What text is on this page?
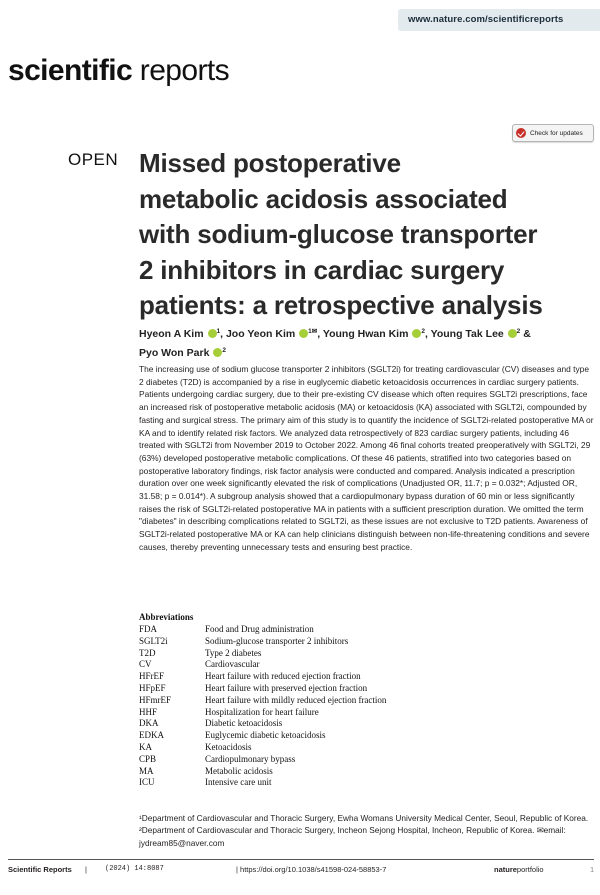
www.nature.com/scientificreports
scientific reports
Check for updates
OPEN Missed postoperative
metabolic acidosis associated
with sodium-glucose transporter
2 inhibitors in cardiac surgery
patients: a retrospective analysis
Hyeon A Kim $^1$, Joo Yeon Kim $^{1✉}$, Young Hwan Kim $^2$, Young Tak Lee $^2$ &
Pyo Won Park $^2$

The increasing use of sodium glucose transporter 2 inhibitors (SGLT2i) for treating cardiovascular (CV) diseases and type 2 diabetes (T2D) is accompanied by a rise in euglycemic diabetic ketoacidosis occurrences in cardiac surgery patients. Patients undergoing cardiac surgery, due to their pre-existing CV disease which often requires SGLT2i prescriptions, face an increased risk of postoperative metabolic acidosis (MA) or ketoacidosis (KA) associated with SGLT2i, compounded by fasting and surgical stress. The primary aim of this study is to quantify the incidence of SGLT2i-related postoperative MA or KA and to identify related risk factors. We analyzed data retrospectively of 823 cardiac surgery patients, including 46 treated with SGLT2i from November 2019 to October 2022. Among 46 final cohorts treated preoperatively with SGLT2i, 29 (63%) developed postoperative metabolic complications. Of these 46 patients, stratified into two categories based on postoperative laboratory findings, risk factor analysis were conducted and compared. Analysis indicated a prescription duration over one week significantly elevated the risk of complications (Unadjusted OR, 11.7; p = 0.032*; Adjusted OR, 31.58; p = 0.014*). A subgroup analysis showed that a cardiopulmonary bypass duration of 60 min or less significantly raises the risk of SGLT2i-related postoperative MA in patients with a sufficient prescription duration. We omitted the term "diabetes" in describing complications related to SGLT2i, as these issues are not exclusive to T2D patients. Awareness of SGLT2i-related postoperative MA or KA can help clinicians distinguish between non-life-threatening conditions and severe causes, thereby preventing unnecessary tests and ensuring best practice.

Abbreviations
FDA	Food and Drug administration
SGLT2i	Sodium-glucose transporter 2 inhibitors
T2D	Type 2 diabetes
CV	Cardiovascular
HFrEF	Heart failure with reduced ejection fraction
HFpEF	Heart failure with preserved ejection fraction
HFmrEF	Heart failure with mildly reduced ejection fraction
HHF	Hospitalization for heart failure
DKA	Diabetic ketoacidosis
EDKA	Euglycemic diabetic ketoacidosis
KA	Ketoacidosis
CPB	Cardiopulmonary bypass
MA	Metabolic acidosis
ICU	Intensive care unit
¹Department of Cardiovascular and Thoracic Surgery, Ewha Womans University Medical Center, Seoul, Republic of Korea. ²Department of Cardiovascular and Thoracic Surgery, Incheon Sejong Hospital, Incheon, Republic of Korea. ✉email: jydream85@naver.com
Scientific Reports |	(2024) 14:8087	| https://doi.org/10.1038/s41598-024-58853-7	natureportfolio	1
